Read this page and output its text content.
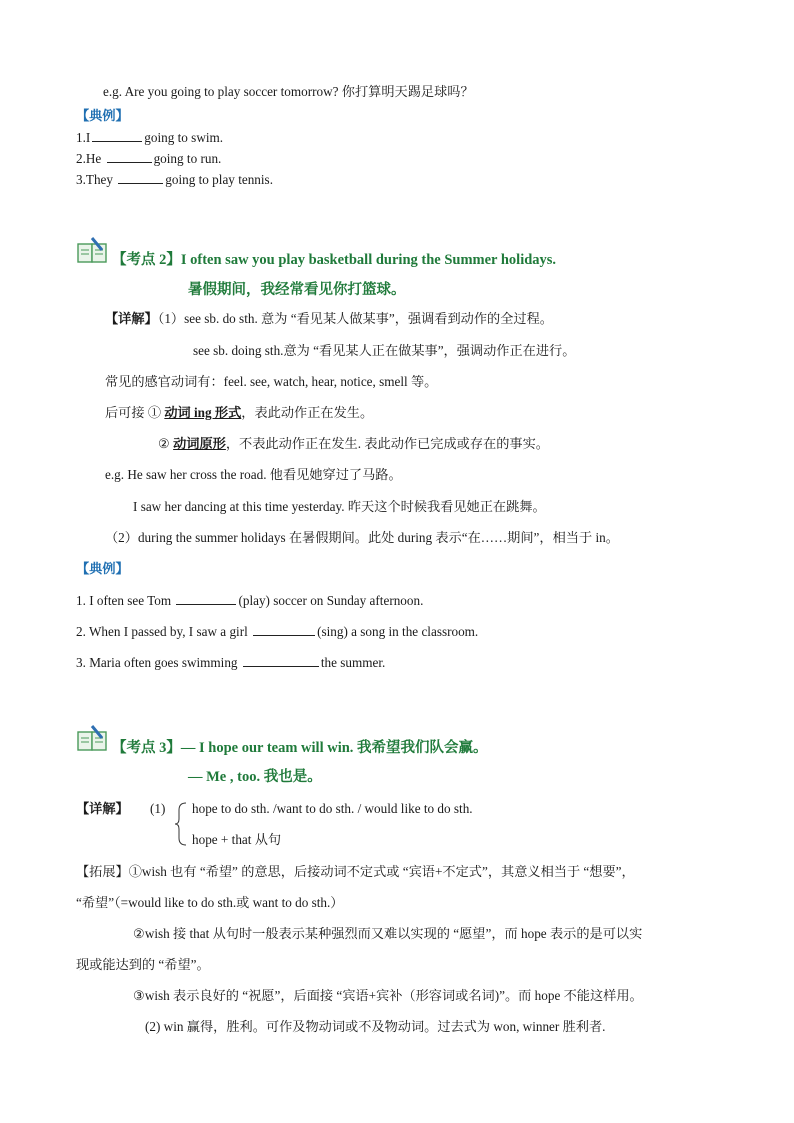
e.g. Are you going to play soccer tomorrow? 你打算明天踢足球吗？
【典例】
1.I	going to swim.
2.He	going to run.
3.They	going to play tennis.
【考点 2】I often saw you play basketball during the Summer holidays.
暑假期间，我经常看见你打篮球。
【详解】（1）see sb. do sth. 意为 “看见某人做某事”，强调看到动作的全过程。
see sb. doing sth.意为 “看见某人正在做某事”，强调动作正在进行。
常见的感官动词有：feel. see, watch, hear, notice, smell 等。
后可接 ① 动词 ing 形式，表此动作正在发生。
② 动词原形，不表此动作正在发生. 表此动作已完成或存在的事实。
e.g. He saw her cross the road. 他看见她穿过了马路。
I saw her dancing at this time yesterday. 昨天这个时候我看见她正在跳舞。
（2）during the summer holidays 在暑假期间。此处 during 表示“在……期间”，相当于 in。
【典例】
1. I often see Tom	(play) soccer on Sunday afternoon.
2. When I passed by, I saw a girl	(sing) a song in the classroom.
3. Maria often goes swimming	the summer.
【考点 3】— I hope our team will win. 我希望我们队会赢。
— Me , too. 我也是。
【详解】 (1) hope to do sth. /want to do sth. / would like to do sth.
hope + that 从句
【拓展】①wish 也有 “希望” 的意思，后接动词不定式或 “宾语+不定式”，其意义相当于 “想要”，
“希望”（=would like to do sth.或 want to do sth.）
②wish 接 that 从句时一般表示某种强烈而又难以实现的 “愿望”，而 hope 表示的是可以实
现或能达到的 “希望”。
③wish 表示良好的 “祝愿”，后面接 “宾语+宾补（形容词或名词)”。而 hope 不能这样用。
(2) win 赢得，胜利。可作及物动词或不及物动词。过去式为 won, winner 胜利者.
